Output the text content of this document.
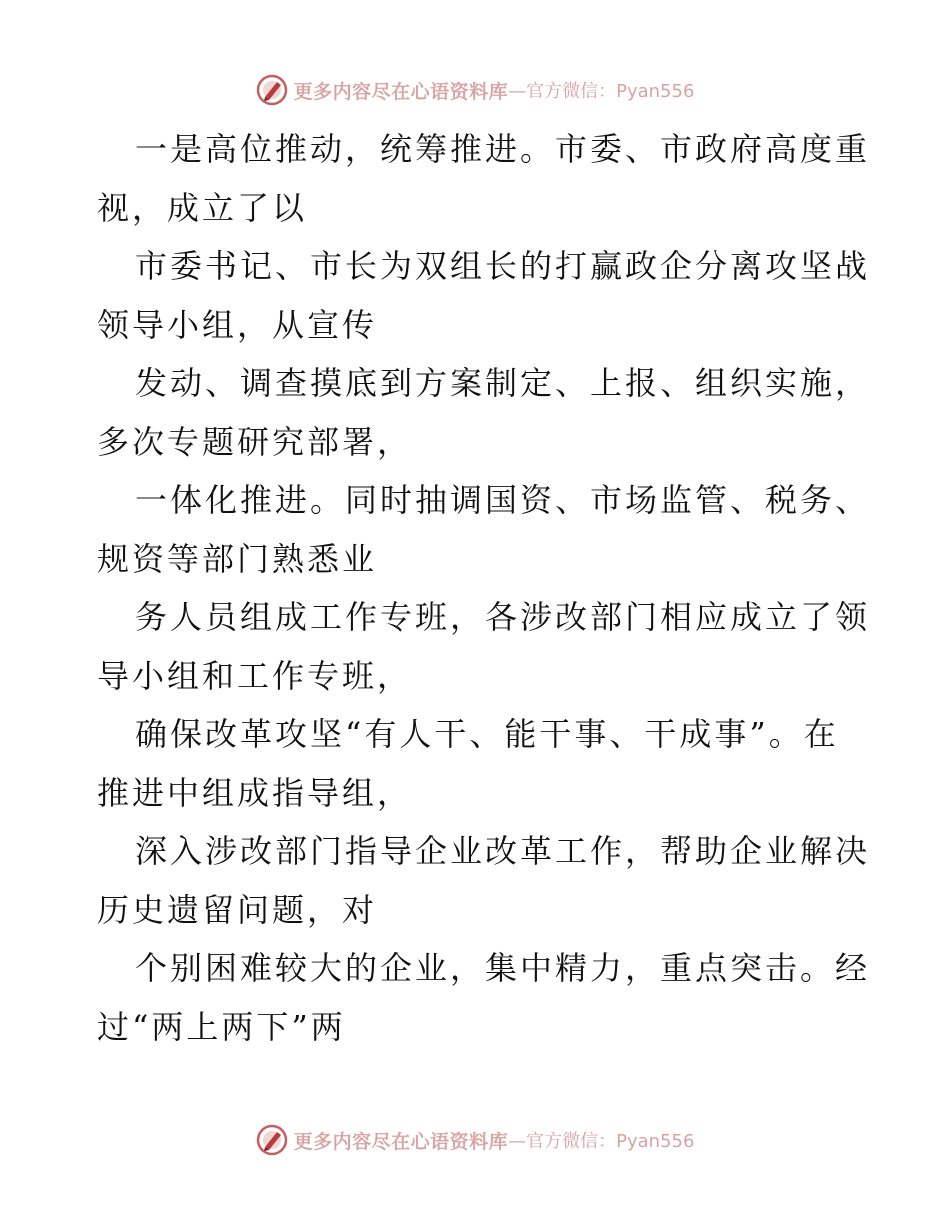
更多内容尽在心语资料库 —官方微信：Pyan556
一是高位推动，统筹推进。市委、市政府高度重
视，成立了以
市委书记、市长为双组长的打赢政企分离攻坚战
领导小组，从宣传
发动、调查摸底到方案制定、上报、组织实施，
多次专题研究部署，
一体化推进。同时抽调国资、市场监管、税务、
规资等部门熟悉业
务人员组成工作专班，各涉改部门相应成立了领
导小组和工作专班，
确保改革攻坚“有人干、能干事、干成事”。在
推进中组成指导组，
深入涉改部门指导企业改革工作，帮助企业解决
历史遗留问题，对
个别困难较大的企业，集中精力，重点突击。经
过“两上两下”两
更多内容尽在心语资料库 —官方微信：Pyan556
